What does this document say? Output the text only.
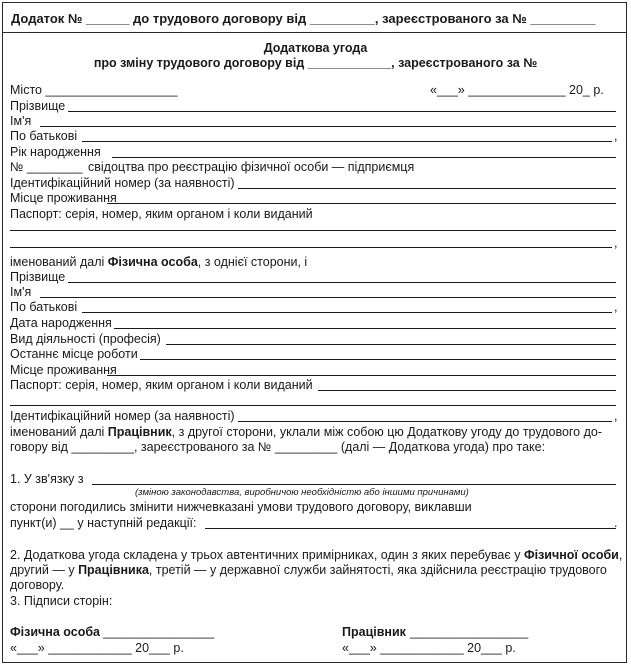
Додаток № ______ до трудового договору від _________, зареєстрованого за № _________
Додаткова угода
про зміну трудового договору від ____________, зареєстрованого за №
Місто ___________________	«___» ______________ 20_ р.
Прізвище
Ім'я
По батькові	,
Рік народження
№ ________ свідоцтва про реєстрацію фізичної особи — підприємця
Ідентифікаційний номер (за наявності)
Місце проживання
Паспорт: серія, номер, яким органом і коли виданий
,
іменований далі Фізична особа, з однієї сторони, і
Прізвище
Ім'я
По батькові	,
Дата народження
Вид діяльності (професія)
Останнє місце роботи
Місце проживання
Паспорт: серія, номер, яким органом і коли виданий
Ідентифікаційний номер (за наявності)	,
іменований далі Працівник, з другої сторони, уклали між собою цю Додаткову угоду до трудового до-
говору від _________, зареєстрованого за № _________ (далі — Додаткова угода) про таке:
1. У зв'язку з
(зміною законодавства, виробничою необхідністю або іншими причинами)
сторони погодились змінити нижчевказані умови трудового договору, виклавши
пункт(и) __ у наступній редакції:	.
2. Додаткова угода складена у трьох автентичних примірниках, один з яких перебуває у Фізичної особи,
другий — у Працівника, третій — у державної служби зайнятості, яка здійснила реєстрацію трудового
договору.
3. Підписи сторін:
Фізична особа ________________
«___» ____________ 20___ р.
Працівник _________________
«___» ____________ 20___ р.
